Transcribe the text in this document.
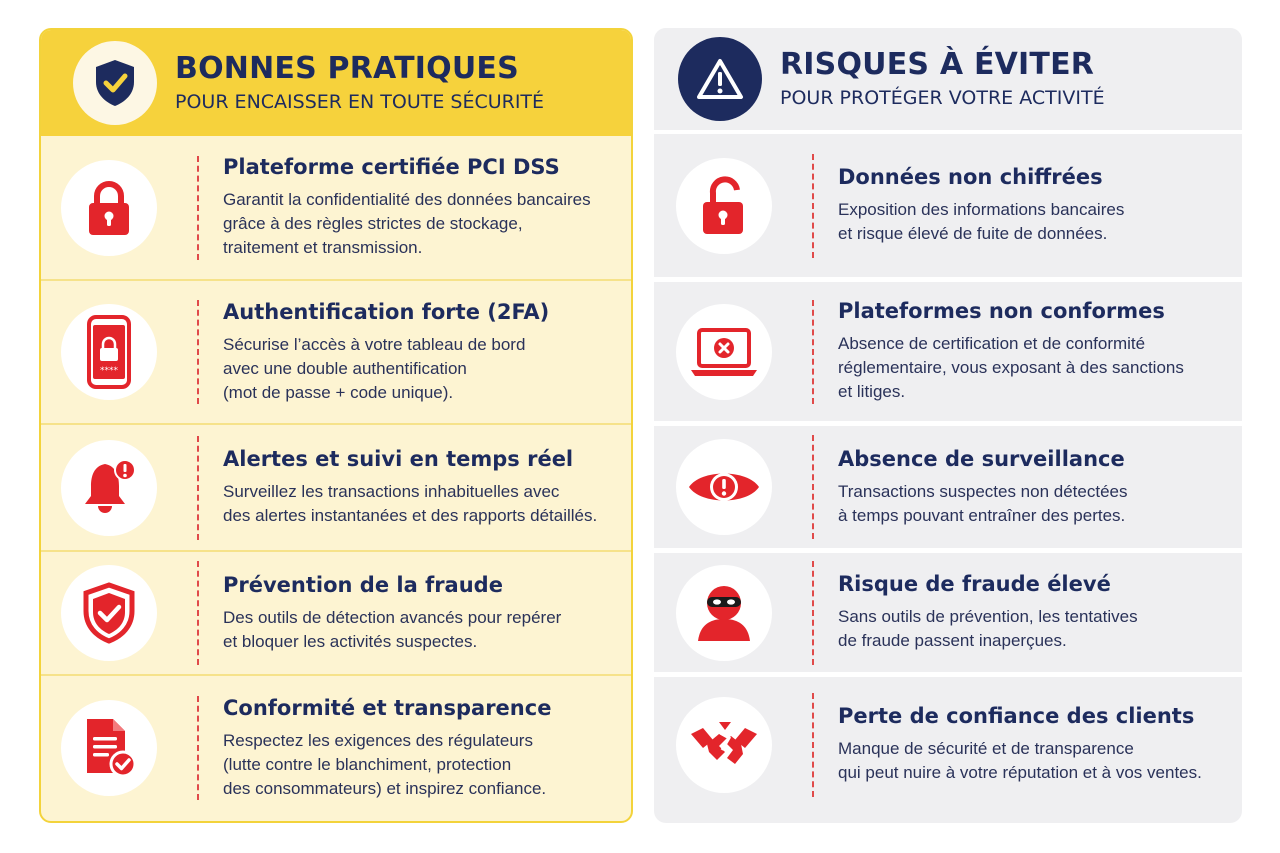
BONNES PRATIQUES
POUR ENCAISSER EN TOUTE SÉCURITÉ
Plateforme certifiée PCI DSS
Garantit la confidentialité des données bancaires
grâce à des règles strictes de stockage,
traitement et transmission.
****
Authentification forte (2FA)
Sécurise l’accès à votre tableau de bord
avec une double authentification
(mot de passe + code unique).
Alertes et suivi en temps réel
Surveillez les transactions inhabituelles avec
des alertes instantanées et des rapports détaillés.
Prévention de la fraude
Des outils de détection avancés pour repérer
et bloquer les activités suspectes.
Conformité et transparence
Respectez les exigences des régulateurs
(lutte contre le blanchiment, protection
des consommateurs) et inspirez confiance.
RISQUES À ÉVITER
POUR PROTÉGER VOTRE ACTIVITÉ
Données non chiffrées
Exposition des informations bancaires
et risque élevé de fuite de données.
Plateformes non conformes
Absence de certification et de conformité
réglementaire, vous exposant à des sanctions
et litiges.
Absence de surveillance
Transactions suspectes non détectées
à temps pouvant entraîner des pertes.
Risque de fraude élevé
Sans outils de prévention, les tentatives
de fraude passent inaperçues.
Perte de confiance des clients
Manque de sécurité et de transparence
qui peut nuire à votre réputation et à vos ventes.
